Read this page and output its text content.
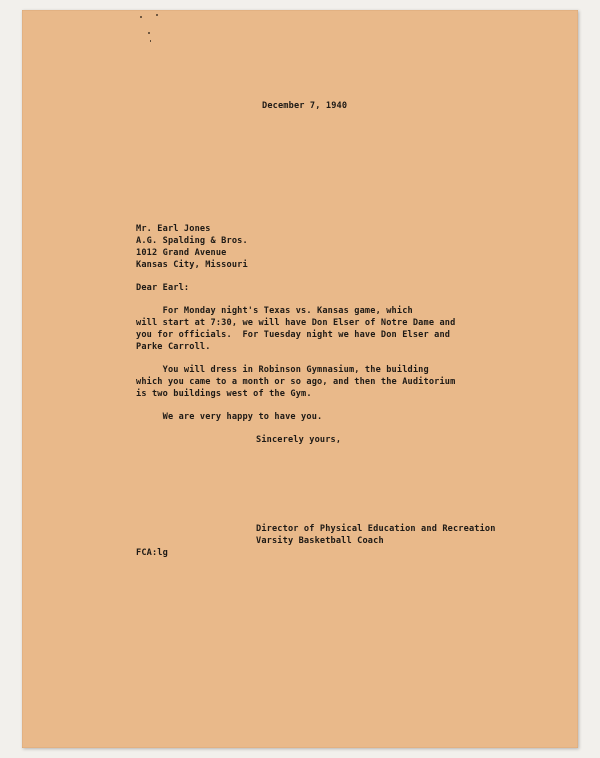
December 7, 1940
Mr. Earl Jones
A.G. Spalding & Bros.
1012 Grand Avenue
Kansas City, Missouri
Dear Earl:
For Monday night's Texas vs. Kansas game, which
will start at 7:30, we will have Don Elser of Notre Dame and
you for officials.  For Tuesday night we have Don Elser and
Parke Carroll.
You will dress in Robinson Gymnasium, the building
which you came to a month or so ago, and then the Auditorium
is two buildings west of the Gym.
We are very happy to have you.
Sincerely yours,
Director of Physical Education and Recreation
Varsity Basketball Coach
FCA:lg
